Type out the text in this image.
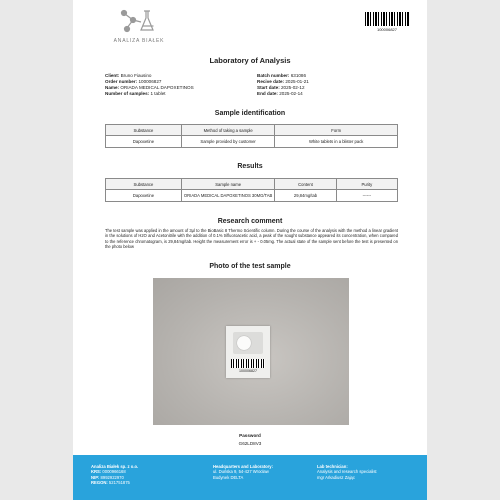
ANALIZA BIAŁEK
100006827
Laboratory of Analysis
Client: Bruno Fiausino
Order number: 100006827
Name: ORIADA MEDICAL DAPOXETINOS
Number of samples: 1 tablet
Batch number: 631086
Recive date: 2025-01-21
Start date: 2025-02-12
End date: 2025-02-14
Sample identification
Substance	Method of taking a sample	Form
Dapoxetine	Sample provided by customer	White tablets in a blister pack
Results
Substance	Sample name	Content	Purity
Dapoxetine	ORIADA MEDICAL DAPOXETINOS 30MG/TAB	29,84mg/tab	------
Research comment
The test sample was applied in the amount of 3μl to the BioBasic 8 Thermo Scientific column. During the course of the analysis with the method a linear gradient in the solutions of H2O and Acetonitrile with the addition of 0.1% trifluoroacetic acid, a peak of the sought substance appeared its concentration, when compared to the reference chromatogram, is 29,84mg/tab. Height the measurement error is + - 0.05mg. The actual state of the sample sent before the test is presented on the photo below
Photo of the test sample
100006827
Password
G62LD8V3
Analiza Białek sp. z o.o.
KRS: 0000966168
NIP: 8992922970
REGON: 521751875
Headquarters and Laboratory:
ul. Duńska 9, 54-427 Wrocław
Budynek DELTA
Lab technician:
Analysis and research specialist
mgr Arkadiusz Zając
